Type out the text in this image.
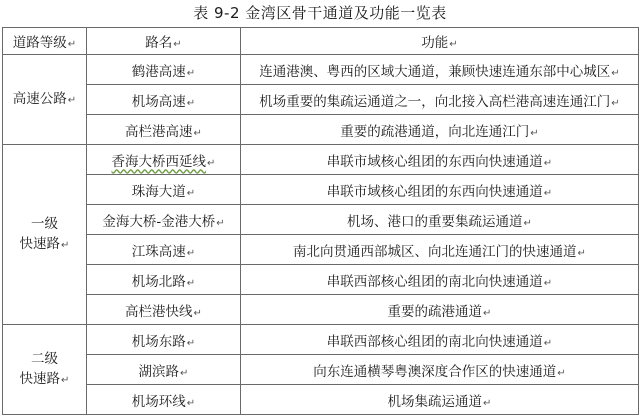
表 9-2 金湾区骨干通道及功能一览表
道路等级↵	路名↵	功能↵
高速公路↵	鹤港高速↵	连通港澳、粤西的区域大通道，兼顾快速连通东部中心城区↵
	机场高速↵	机场重要的集疏运通道之一，向北接入高栏港高速连通江门↵
	高栏港高速↵	重要的疏港通道，向北连通江门↵
一级
快速路↵	香海大桥西延线↵	串联市域核心组团的东西向快速通道↵
	珠海大道↵	串联市域核心组团的东西向快速通道↵
	金海大桥-金港大桥↵	机场、港口的重要集疏运通道↵
	江珠高速↵	南北向贯通西部城区、向北连通江门的快速通道↵
	机场北路↵	串联西部核心组团的南北向快速通道↵
	高栏港快线↵	重要的疏港通道↵
二级
快速路↵	机场东路↵	串联西部核心组团的南北向快速通道↵
	湖滨路↵	向东连通横琴粤澳深度合作区的快速通道↵
	机场环线↵	机场集疏运通道↵
